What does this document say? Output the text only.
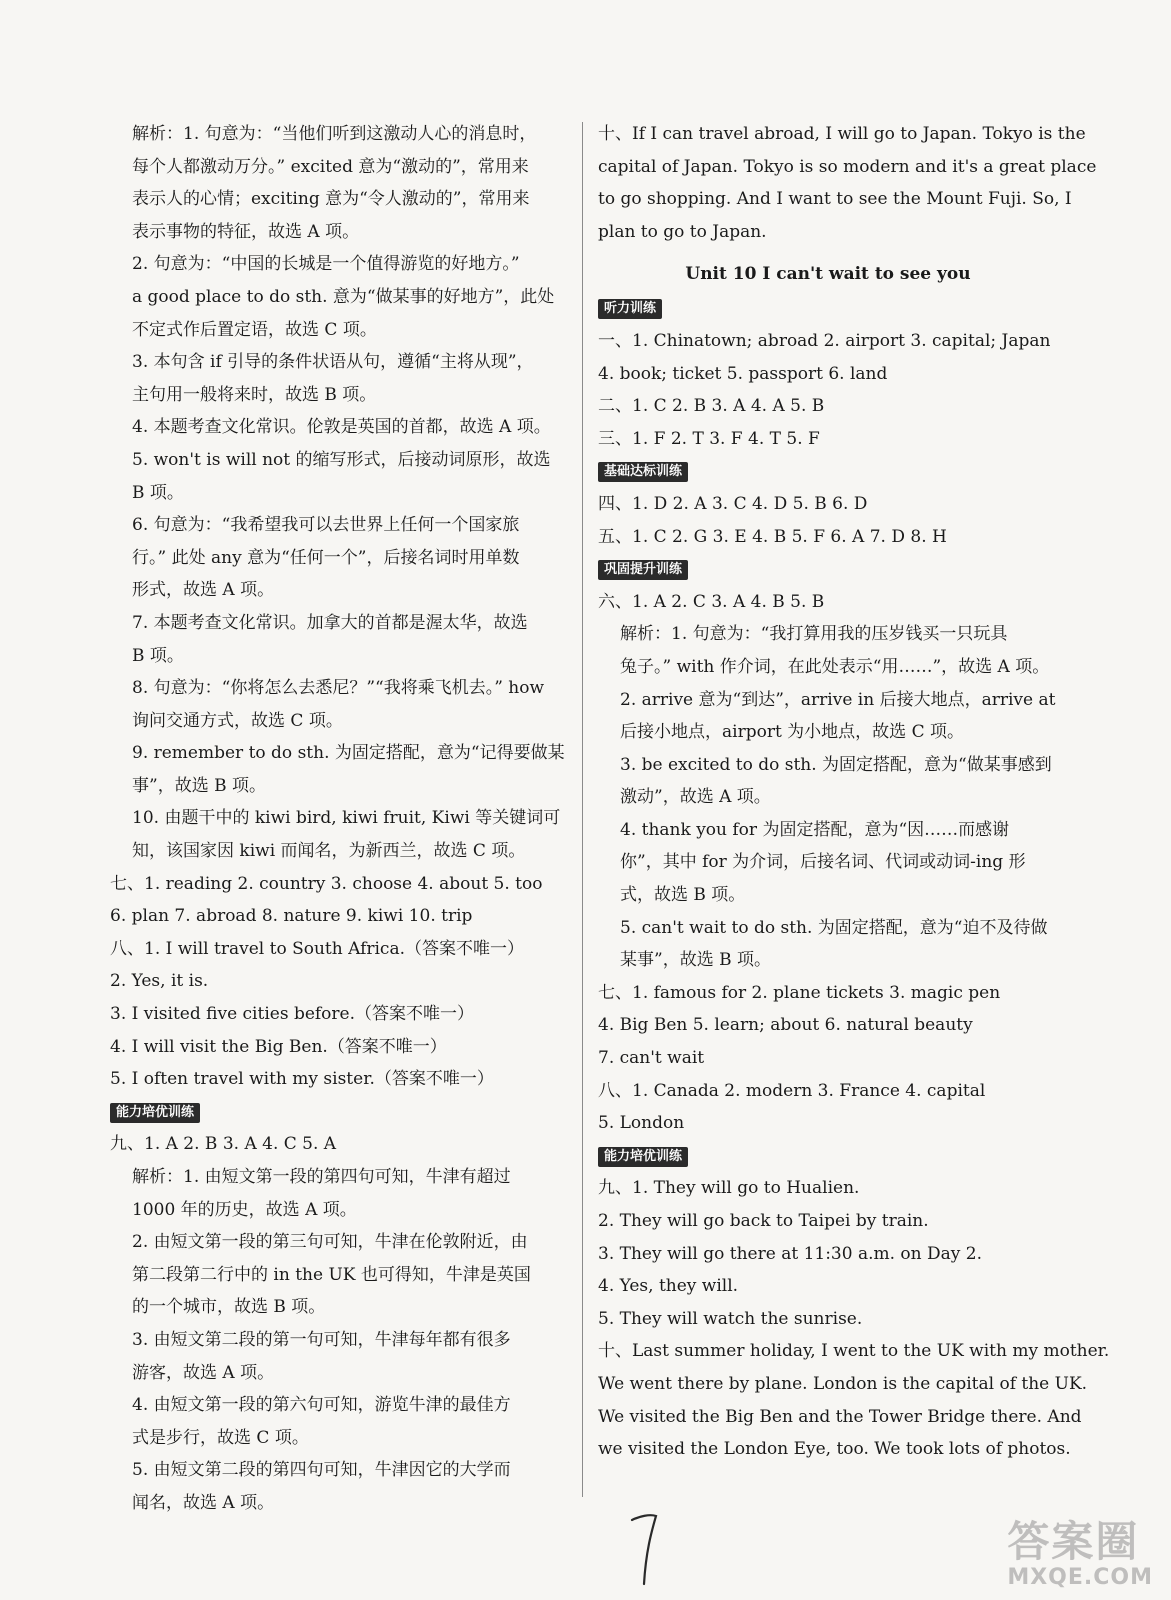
解析：1. 句意为：“当他们听到这激动人心的消息时，
每个人都激动万分。” excited 意为“激动的”，常用来
表示人的心情；exciting 意为“令人激动的”，常用来
表示事物的特征，故选 A 项。
2. 句意为：“中国的长城是一个值得游览的好地方。”
a good place to do sth. 意为“做某事的好地方”，此处
不定式作后置定语，故选 C 项。
3. 本句含 if 引导的条件状语从句，遵循“主将从现”，
主句用一般将来时，故选 B 项。
4. 本题考查文化常识。伦敦是英国的首都，故选 A 项。
5. won't is will not 的缩写形式，后接动词原形，故选
B 项。
6. 句意为：“我希望我可以去世界上任何一个国家旅
行。” 此处 any 意为“任何一个”，后接名词时用单数
形式，故选 A 项。
7. 本题考查文化常识。加拿大的首都是渥太华，故选
B 项。
8. 句意为：“你将怎么去悉尼？”“我将乘飞机去。” how
询问交通方式，故选 C 项。
9. remember to do sth. 为固定搭配，意为“记得要做某
事”，故选 B 项。
10. 由题干中的 kiwi bird, kiwi fruit, Kiwi 等关键词可
知，该国家因 kiwi 而闻名，为新西兰，故选 C 项。
七、1. reading 2. country 3. choose 4. about 5. too
6. plan 7. abroad 8. nature 9. kiwi 10. trip
八、1. I will travel to South Africa.（答案不唯一）
2. Yes, it is.
3. I visited five cities before.（答案不唯一）
4. I will visit the Big Ben.（答案不唯一）
5. I often travel with my sister.（答案不唯一）
能力培优训练
九、1. A 2. B 3. A 4. C 5. A
解析：1. 由短文第一段的第四句可知，牛津有超过
1000 年的历史，故选 A 项。
2. 由短文第一段的第三句可知，牛津在伦敦附近，由
第二段第二行中的 in the UK 也可得知，牛津是英国
的一个城市，故选 B 项。
3. 由短文第二段的第一句可知，牛津每年都有很多
游客，故选 A 项。
4. 由短文第一段的第六句可知，游览牛津的最佳方
式是步行，故选 C 项。
5. 由短文第二段的第四句可知，牛津因它的大学而
闻名，故选 A 项。
十、If I can travel abroad, I will go to Japan. Tokyo is the
capital of Japan. Tokyo is so modern and it's a great place
to go shopping. And I want to see the Mount Fuji. So, I
plan to go to Japan.
Unit 10 I can't wait to see you
听力训练
一、1. Chinatown; abroad 2. airport 3. capital; Japan
4. book; ticket 5. passport 6. land
二、1. C 2. B 3. A 4. A 5. B
三、1. F 2. T 3. F 4. T 5. F
基础达标训练
四、1. D 2. A 3. C 4. D 5. B 6. D
五、1. C 2. G 3. E 4. B 5. F 6. A 7. D 8. H
巩固提升训练
六、1. A 2. C 3. A 4. B 5. B
解析：1. 句意为：“我打算用我的压岁钱买一只玩具
兔子。” with 作介词，在此处表示“用……”，故选 A 项。
2. arrive 意为“到达”，arrive in 后接大地点，arrive at
后接小地点，airport 为小地点，故选 C 项。
3. be excited to do sth. 为固定搭配，意为“做某事感到
激动”，故选 A 项。
4. thank you for 为固定搭配，意为“因……而感谢
你”，其中 for 为介词，后接名词、代词或动词-ing 形
式，故选 B 项。
5. can't wait to do sth. 为固定搭配，意为“迫不及待做
某事”，故选 B 项。
七、1. famous for 2. plane tickets 3. magic pen
4. Big Ben 5. learn; about 6. natural beauty
7. can't wait
八、1. Canada 2. modern 3. France 4. capital
5. London
能力培优训练
九、1. They will go to Hualien.
2. They will go back to Taipei by train.
3. They will go there at 11:30 a.m. on Day 2.
4. Yes, they will.
5. They will watch the sunrise.
十、Last summer holiday, I went to the UK with my mother.
We went there by plane. London is the capital of the UK.
We visited the Big Ben and the Tower Bridge there. And
we visited the London Eye, too. We took lots of photos.
答案圈
MXQE.COM
